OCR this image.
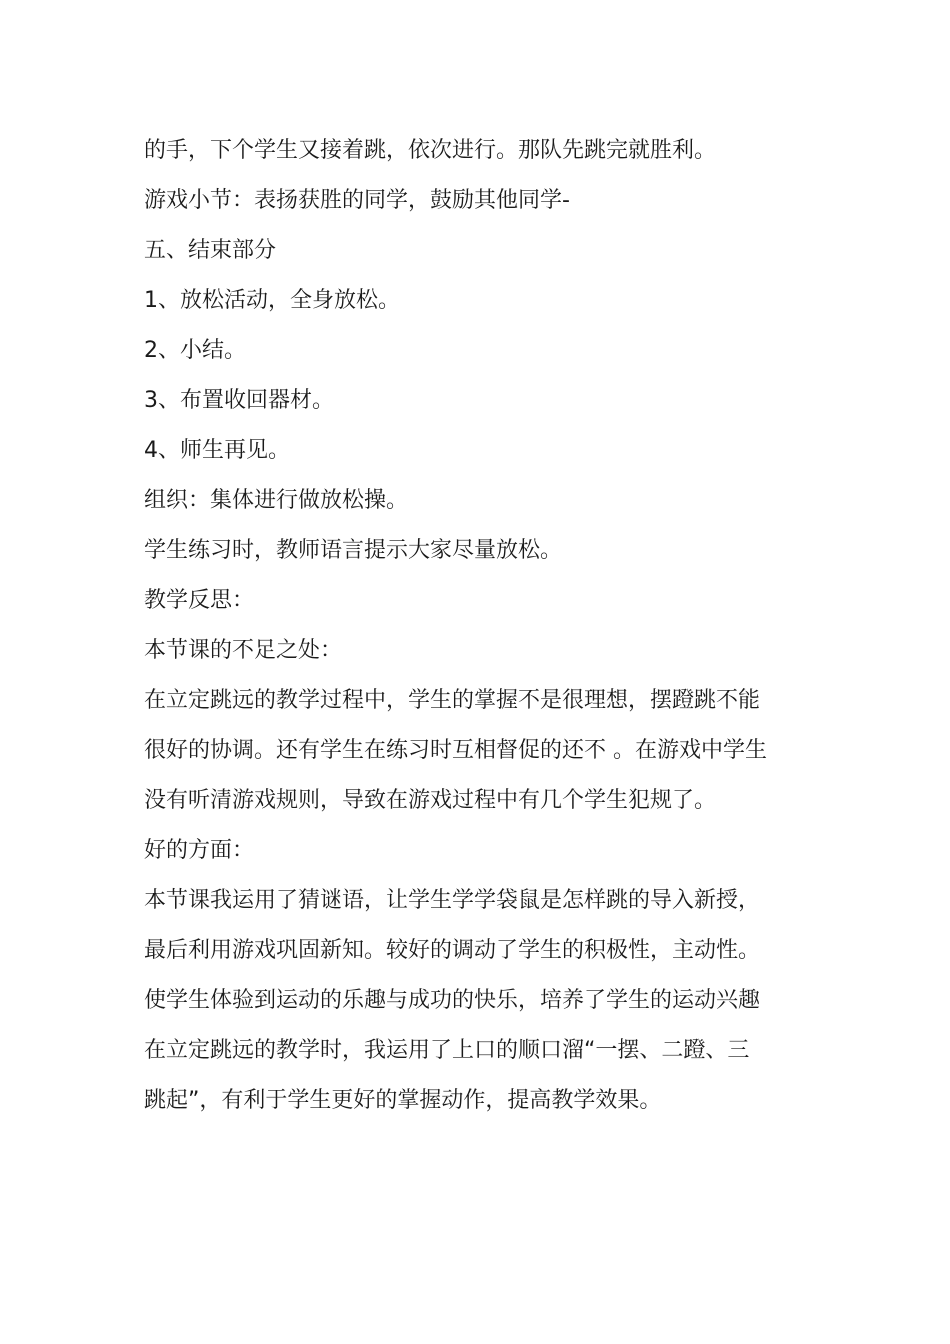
的手，下个学生又接着跳，依次进行。那队先跳完就胜利。

游戏小节：表扬获胜的同学，鼓励其他同学-

五、结束部分

1、放松活动，全身放松。

2、小结。

3、布置收回器材。

4、师生再见。

组织：集体进行做放松操。

学生练习时，教师语言提示大家尽量放松。

教学反思：

本节课的不足之处：

在立定跳远的教学过程中，学生的掌握不是很理想，摆蹬跳不能

很好的协调。还有学生在练习时互相督促的还不 。在游戏中学生

没有听清游戏规则，导致在游戏过程中有几个学生犯规了。

好的方面：

本节课我运用了猜谜语，让学生学学袋鼠是怎样跳的导入新授，

最后利用游戏巩固新知。较好的调动了学生的积极性，主动性。

使学生体验到运动的乐趣与成功的快乐，培养了学生的运动兴趣

在立定跳远的教学时，我运用了上口的顺口溜“一摆、二蹬、三

跳起”，有利于学生更好的掌握动作，提高教学效果。
